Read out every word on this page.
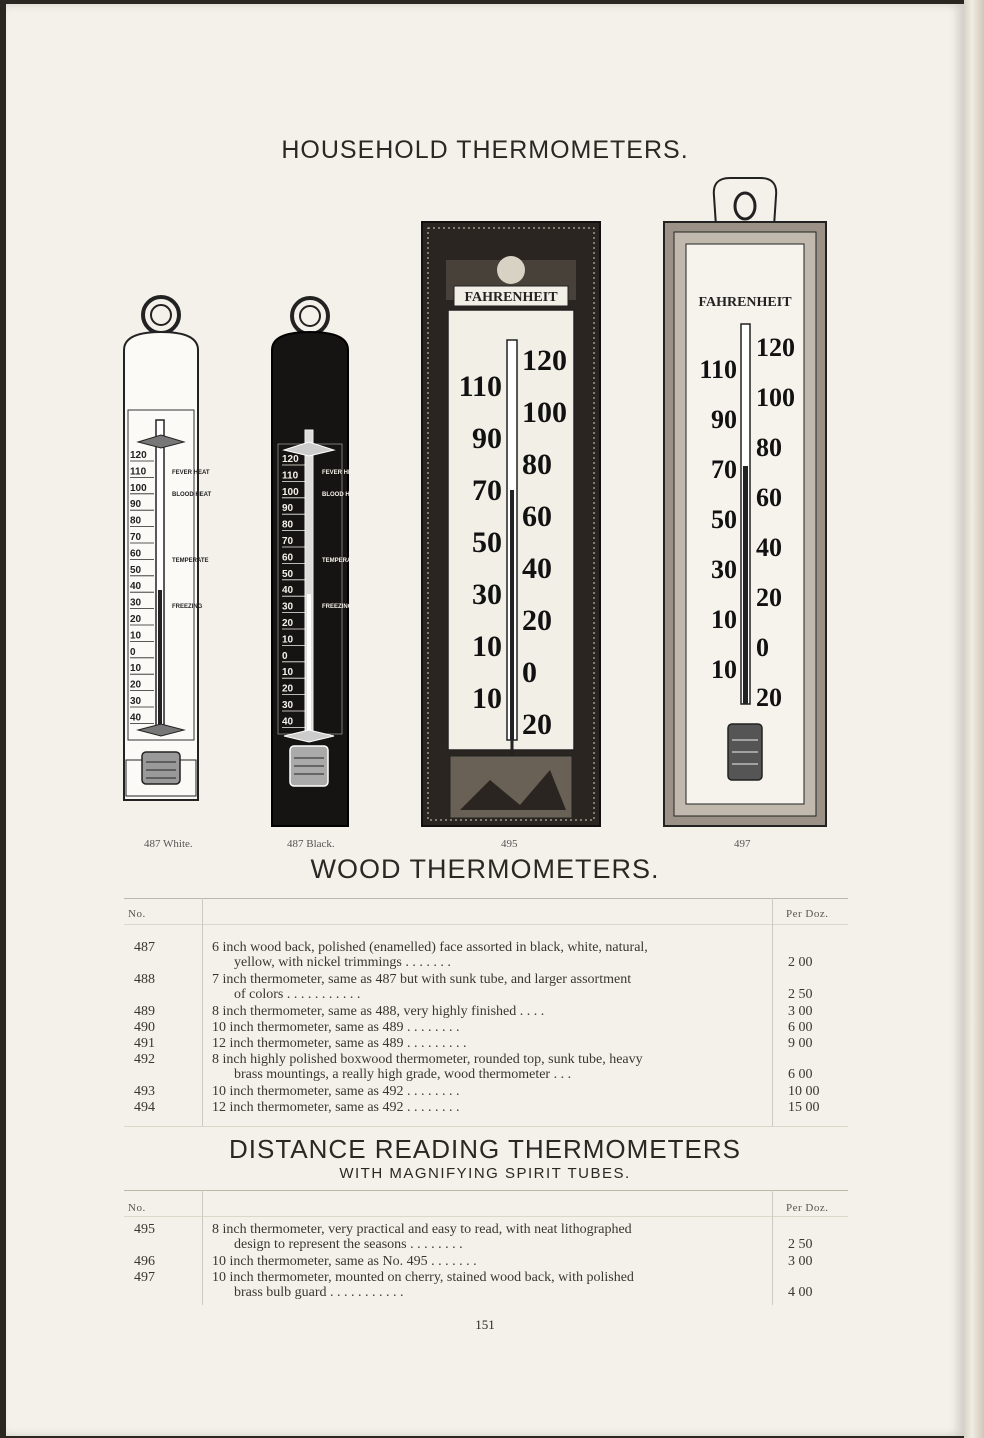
HOUSEHOLD THERMOMETERS.
120
110
100
90
80
70
60
50
40
30
20
10
0
10
20
30
40
FEVER HEAT
BLOOD HEAT
TEMPERATE
FREEZING
120
110
100
90
80
70
60
50
40
30
20
10
0
10
20
30
40
FEVER HEAT
BLOOD HEAT
TEMPERATE
FREEZING
FAHRENHEIT
110
90
70
50
30
10
10
120
100
80
60
40
20
0
20
FAHRENHEIT
110
90
70
50
30
10
10
120
100
80
60
40
20
0
20
487 White.	487 Black.	495	497
WOOD THERMOMETERS.
No.	Per Doz.
487	6 inch wood back, polished (enamelled) face assorted in black, white, natural,
yellow, with nickel trimmings . . . . . . .	2 00
488	7 inch thermometer, same as 487 but with sunk tube, and larger assortment
of colors . . . . . . . . . . .	2 50
489	8 inch thermometer, same as 488, very highly finished . . . .	3 00
490	10 inch thermometer, same as 489 . . . . . . . .	6 00
491	12 inch thermometer, same as 489 . . . . . . . . .	9 00
492	8 inch highly polished boxwood thermometer, rounded top, sunk tube, heavy
brass mountings, a really high grade, wood thermometer . . .	6 00
493	10 inch thermometer, same as 492 . . . . . . . .	10 00
494	12 inch thermometer, same as 492 . . . . . . . .	15 00
DISTANCE READING THERMOMETERS
WITH MAGNIFYING SPIRIT TUBES.
No.	Per Doz.
495	8 inch thermometer, very practical and easy to read, with neat lithographed
design to represent the seasons . . . . . . . .	2 50
496	10 inch thermometer, same as No. 495 . . . . . . .	3 00
497	10 inch thermometer, mounted on cherry, stained wood back, with polished
brass bulb guard . . . . . . . . . . .	4 00
151
